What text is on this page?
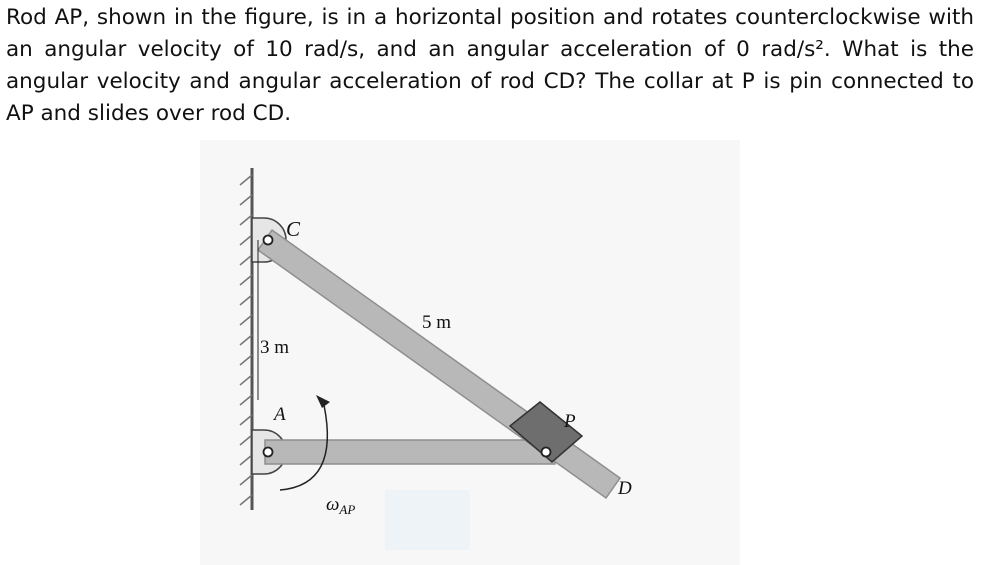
Rod AP, shown in the figure, is in a horizontal position and rotates counterclockwise with an angular velocity of 10 rad/s, and an angular acceleration of 0 rad/s². What is the angular velocity and angular acceleration of rod CD? The collar at P is pin connected to AP and slides over rod CD.
3 m
5 m
C
A	P
D
$\omega_{AP}$
